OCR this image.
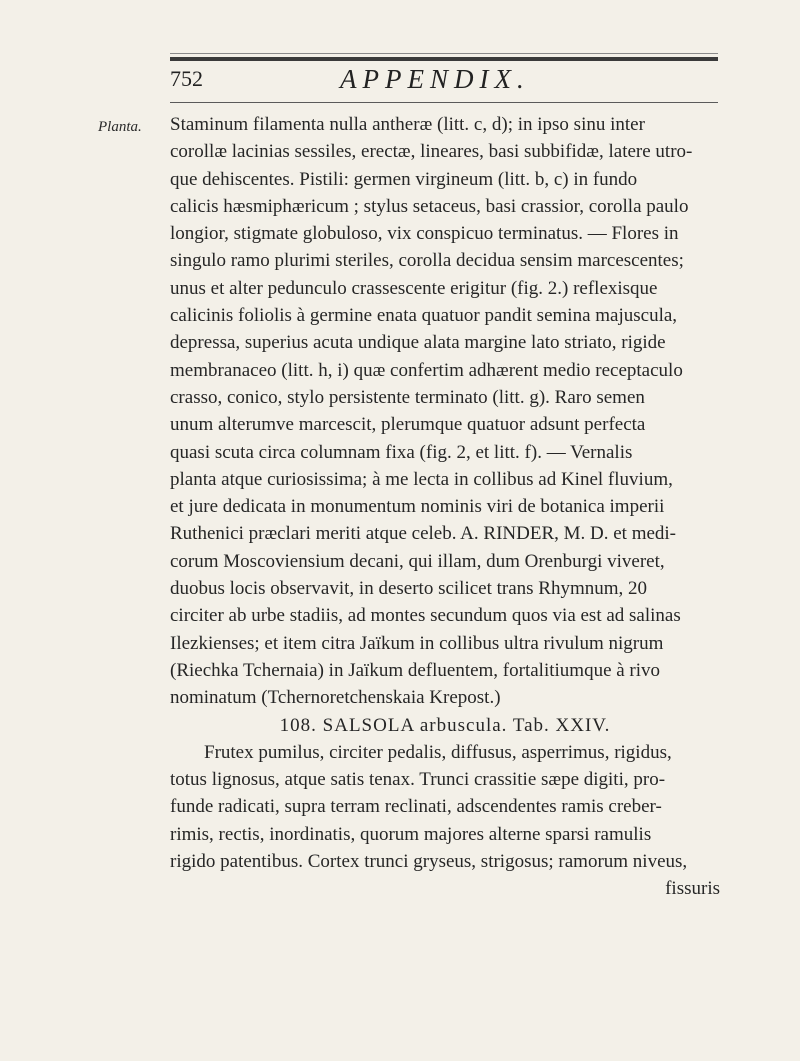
752	APPENDIX.
Planta. Staminum filamenta nulla antheræ (litt. c, d); in ipso sinu inter

corollæ lacinias sessiles, erectæ, lineares, basi subbifidæ, latere utro-

que dehiscentes. Pistili: germen virgineum (litt. b, c) in fundo

calicis hæsmiphæricum ; stylus setaceus, basi crassior, corolla paulo

longior, stigmate globuloso, vix conspicuo terminatus. — Flores in

singulo ramo plurimi steriles, corolla decidua sensim marcescentes;

unus et alter pedunculo crassescente erigitur (fig. 2.) reflexisque

calicinis foliolis à germine enata quatuor pandit semina majuscula,

depressa, superius acuta undique alata margine lato striato, rigide

membranaceo (litt. h, i) quæ confertim adhærent medio receptaculo

crasso, conico, stylo persistente terminato (litt. g). Raro semen

unum alterumve marcescit, plerumque quatuor adsunt perfecta

quasi scuta circa columnam fixa (fig. 2, et litt. f). — Vernalis

planta atque curiosissima; à me lecta in collibus ad Kinel fluvium,

et jure dedicata in monumentum nominis viri de botanica imperii

Ruthenici præclari meriti atque celeb. A. RINDER, M. D. et medi-

corum Moscoviensium decani, qui illam, dum Orenburgi viveret,

duobus locis observavit, in deserto scilicet trans Rhymnum, 20

circiter ab urbe stadiis, ad montes secundum quos via est ad salinas

Ilezkienses; et item citra Jaïkum in collibus ultra rivulum nigrum

(Riechka Tchernaia) in Jaïkum defluentem, fortalitiumque à rivo

nominatum (Tchernoretchenskaia Krepost.)

108. SALSOLA arbuscula. Tab. XXIV.

Frutex pumilus, circiter pedalis, diffusus, asperrimus, rigidus,

totus lignosus, atque satis tenax. Trunci crassitie sæpe digiti, pro-

funde radicati, supra terram reclinati, adscendentes ramis creber-

rimis, rectis, inordinatis, quorum majores alterne sparsi ramulis

rigido patentibus. Cortex trunci gryseus, strigosus; ramorum niveus,

fissuris
